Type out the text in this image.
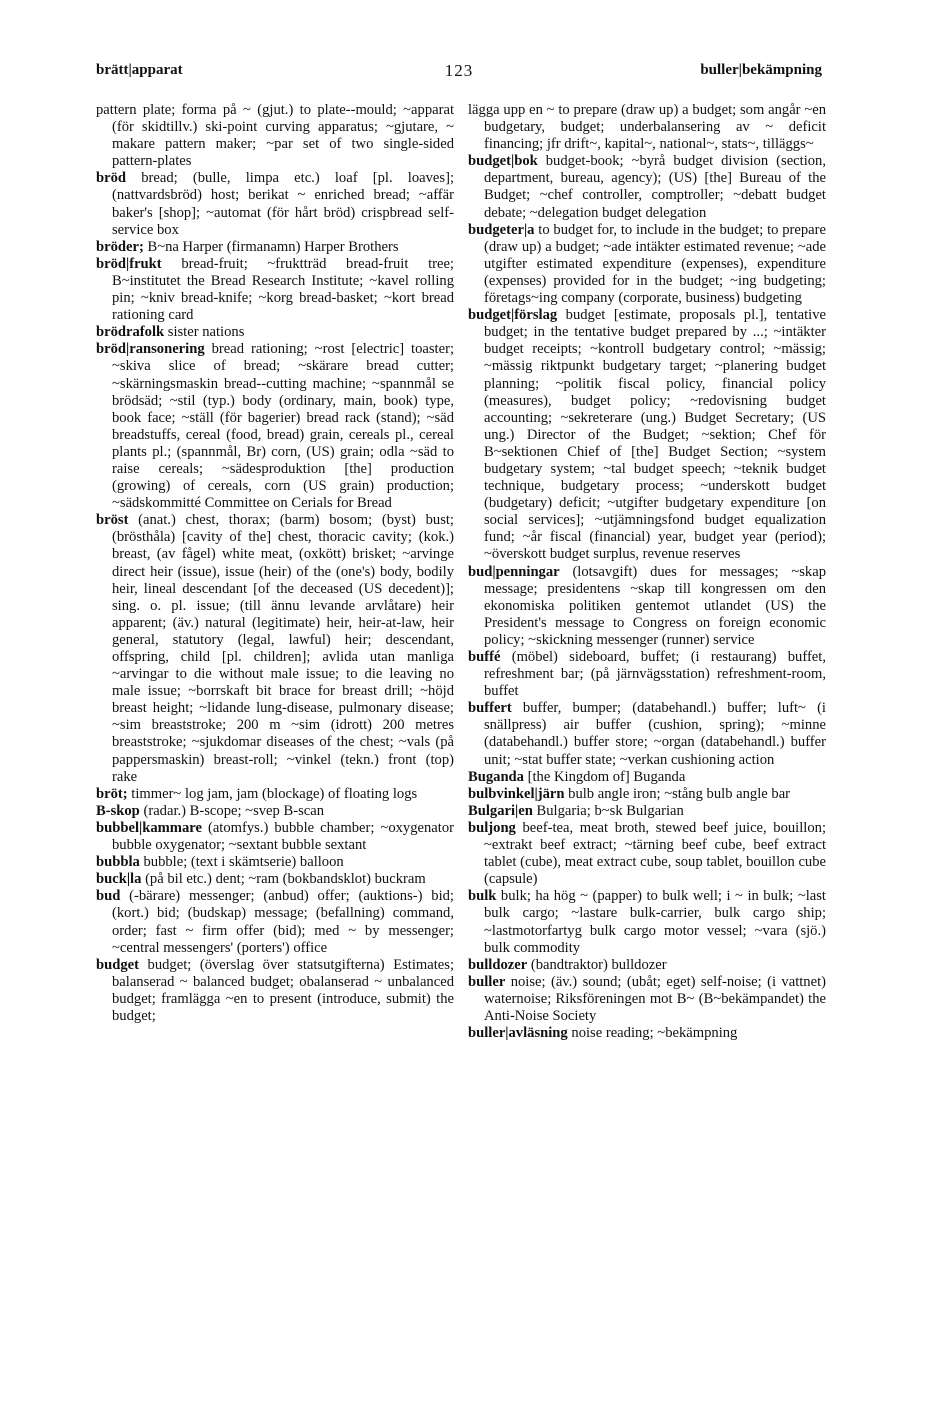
brätt|apparat	123	buller|bekämpning

pattern plate; forma på ~ (gjut.) to plate--mould; ~apparat (för skidtillv.) ski-point curving apparatus; ~gjutare, ~ makare pattern maker; ~par set of two single-sided pattern-plates

bröd bread; (bulle, limpa etc.) loaf [pl. loaves]; (nattvardsbröd) host; berikat ~ enriched bread; ~affär baker's [shop]; ~automat (för hårt bröd) crispbread self-service box

bröder; B~na Harper (firmanamn) Harper Brothers

bröd|frukt bread-fruit; ~fruktträd bread-fruit tree; B~institutet the Bread Research Institute; ~kavel rolling pin; ~kniv bread-knife; ~korg bread-basket; ~kort bread rationing card

brödrafolk sister nations

bröd|ransonering bread rationing; ~rost [electric] toaster; ~skiva slice of bread; ~skärare bread cutter; ~skärningsmaskin bread--cutting machine; ~spannmål se brödsäd; ~stil (typ.) body (ordinary, main, book) type, book face; ~ställ (för bagerier) bread rack (stand); ~säd breadstuffs, cereal (food, bread) grain, cereals pl., cereal plants pl.; (spannmål, Br) corn, (US) grain; odla ~säd to raise cereals; ~sädesproduktion [the] production (growing) of cereals, corn (US grain) production; ~sädskommitté Committee on Cerials for Bread

bröst (anat.) chest, thorax; (barm) bosom; (byst) bust; (brösthåla) [cavity of the] chest, thoracic cavity; (kok.) breast, (av fågel) white meat, (oxkött) brisket; ~arvinge direct heir (issue), issue (heir) of the (one's) body, bodily heir, lineal descendant [of the deceased (US decedent)]; sing. o. pl. issue; (till ännu levande arvlåtare) heir apparent; (äv.) natural (legitimate) heir, heir-at-law, heir general, statutory (legal, lawful) heir; descendant, offspring, child [pl. children]; avlida utan manliga ~arvingar to die without male issue; to die leaving no male issue; ~borrskaft bit brace for breast drill; ~höjd breast height; ~lidande lung-disease, pulmonary disease; ~sim breaststroke; 200 m ~sim (idrott) 200 metres breaststroke; ~sjukdomar diseases of the chest; ~vals (på pappersmaskin) breast-roll; ~vinkel (tekn.) front (top) rake

bröt; timmer~ log jam, jam (blockage) of floating logs

B-skop (radar.) B-scope; ~svep B-scan

bubbel|kammare (atomfys.) bubble chamber; ~oxygenator bubble oxygenator; ~sextant bubble sextant

bubbla bubble; (text i skämtserie) balloon

buck|la (på bil etc.) dent; ~ram (bokbandsklot) buckram

bud (-bärare) messenger; (anbud) offer; (auktions-) bid; (kort.) bid; (budskap) message; (befallning) command, order; fast ~ firm offer (bid); med ~ by messenger; ~central messengers' (porters') office

budget budget; (överslag över statsutgifterna) Estimates; balanserad ~ balanced budget; obalanserad ~ unbalanced budget; framlägga ~en to present (introduce, submit) the budget;

lägga upp en ~ to prepare (draw up) a budget; som angår ~en budgetary, budget; underbalansering av ~ deficit financing; jfr drift~, kapital~, national~, stats~, tilläggs~

budget|bok budget-book; ~byrå budget division (section, department, bureau, agency); (US) [the] Bureau of the Budget; ~chef controller, comptroller; ~debatt budget debate; ~delegation budget delegation

budgeter|a to budget for, to include in the budget; to prepare (draw up) a budget; ~ade intäkter estimated revenue; ~ade utgifter estimated expenditure (expenses), expenditure (expenses) provided for in the budget; ~ing budgeting; företags~ing company (corporate, business) budgeting

budget|förslag budget [estimate, proposals pl.], tentative budget; in the tentative budget prepared by ...; ~intäkter budget receipts; ~kontroll budgetary control; ~mässig; ~mässig riktpunkt budgetary target; ~planering budget planning; ~politik fiscal policy, financial policy (measures), budget policy; ~redovisning budget accounting; ~sekreterare (ung.) Budget Secretary; (US ung.) Director of the Budget; ~sektion; Chef för B~sektionen Chief of [the] Budget Section; ~system budgetary system; ~tal budget speech; ~teknik budget technique, budgetary process; ~underskott budget (budgetary) deficit; ~utgifter budgetary expenditure [on social services]; ~utjämningsfond budget equalization fund; ~år fiscal (financial) year, budget year (period); ~överskott budget surplus, revenue reserves

bud|penningar (lotsavgift) dues for messages; ~skap message; presidentens ~skap till kongressen om den ekonomiska politiken gentemot utlandet (US) the President's message to Congress on foreign economic policy; ~skickning messenger (runner) service

buffé (möbel) sideboard, buffet; (i restaurang) buffet, refreshment bar; (på järnvägsstation) refreshment-room, buffet

buffert buffer, bumper; (databehandl.) buffer; luft~ (i snällpress) air buffer (cushion, spring); ~minne (databehandl.) buffer store; ~organ (databehandl.) buffer unit; ~stat buffer state; ~verkan cushioning action

Buganda [the Kingdom of] Buganda

bulbvinkel|järn bulb angle iron; ~stång bulb angle bar

Bulgari|en Bulgaria; b~sk Bulgarian

buljong beef-tea, meat broth, stewed beef juice, bouillon; ~extrakt beef extract; ~tärning beef cube, beef extract tablet (cube), meat extract cube, soup tablet, bouillon cube (capsule)

bulk bulk; ha hög ~ (papper) to bulk well; i ~ in bulk; ~last bulk cargo; ~lastare bulk-carrier, bulk cargo ship; ~lastmotorfartyg bulk cargo motor vessel; ~vara (sjö.) bulk commodity

bulldozer (bandtraktor) bulldozer

buller noise; (äv.) sound; (ubåt; eget) self-noise; (i vattnet) waternoise; Riksföreningen mot B~ (B~bekämpandet) the Anti-Noise Society

buller|avläsning noise reading; ~bekämpning
